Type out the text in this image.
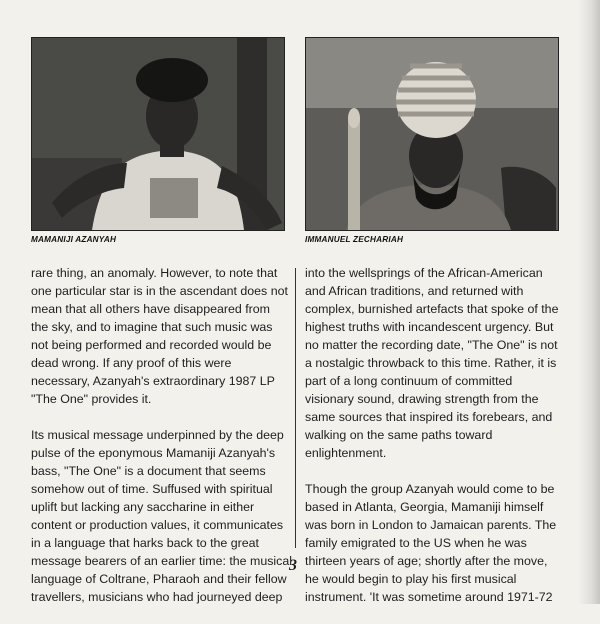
MAMANIJI AZANYAH	IMMANUEL ZECHARIAH

rare thing, an anomaly. However, to note that
one particular star is in the ascendant does not
mean that all others have disappeared from
the sky, and to imagine that such music was
not being performed and recorded would be
dead wrong. If any proof of this were
necessary, Azanyah's extraordinary 1987 LP
"The One" provides it.

Its musical message underpinned by the deep
pulse of the eponymous Mamaniji Azanyah's
bass, "The One" is a document that seems
somehow out of time. Suffused with spiritual
uplift but lacking any saccharine in either
content or production values, it communicates
in a language that harks back to the great
message bearers of an earlier time: the musical
language of Coltrane, Pharaoh and their fellow
travellers, musicians who had journeyed deep

into the wellsprings of the African-American
and African traditions, and returned with
complex, burnished artefacts that spoke of the
highest truths with incandescent urgency. But
no matter the recording date, "The One" is not
a nostalgic throwback to this time. Rather, it is
part of a long continuum of committed
visionary sound, drawing strength from the
same sources that inspired its forebears, and
walking on the same paths toward
enlightenment.

Though the group Azanyah would come to be
based in Atlanta, Georgia, Mamaniji himself
was born in London to Jamaican parents. The
family emigrated to the US when he was
thirteen years of age; shortly after the move,
he would begin to play his first musical
instrument. 'It was sometime around 1971-72

3
